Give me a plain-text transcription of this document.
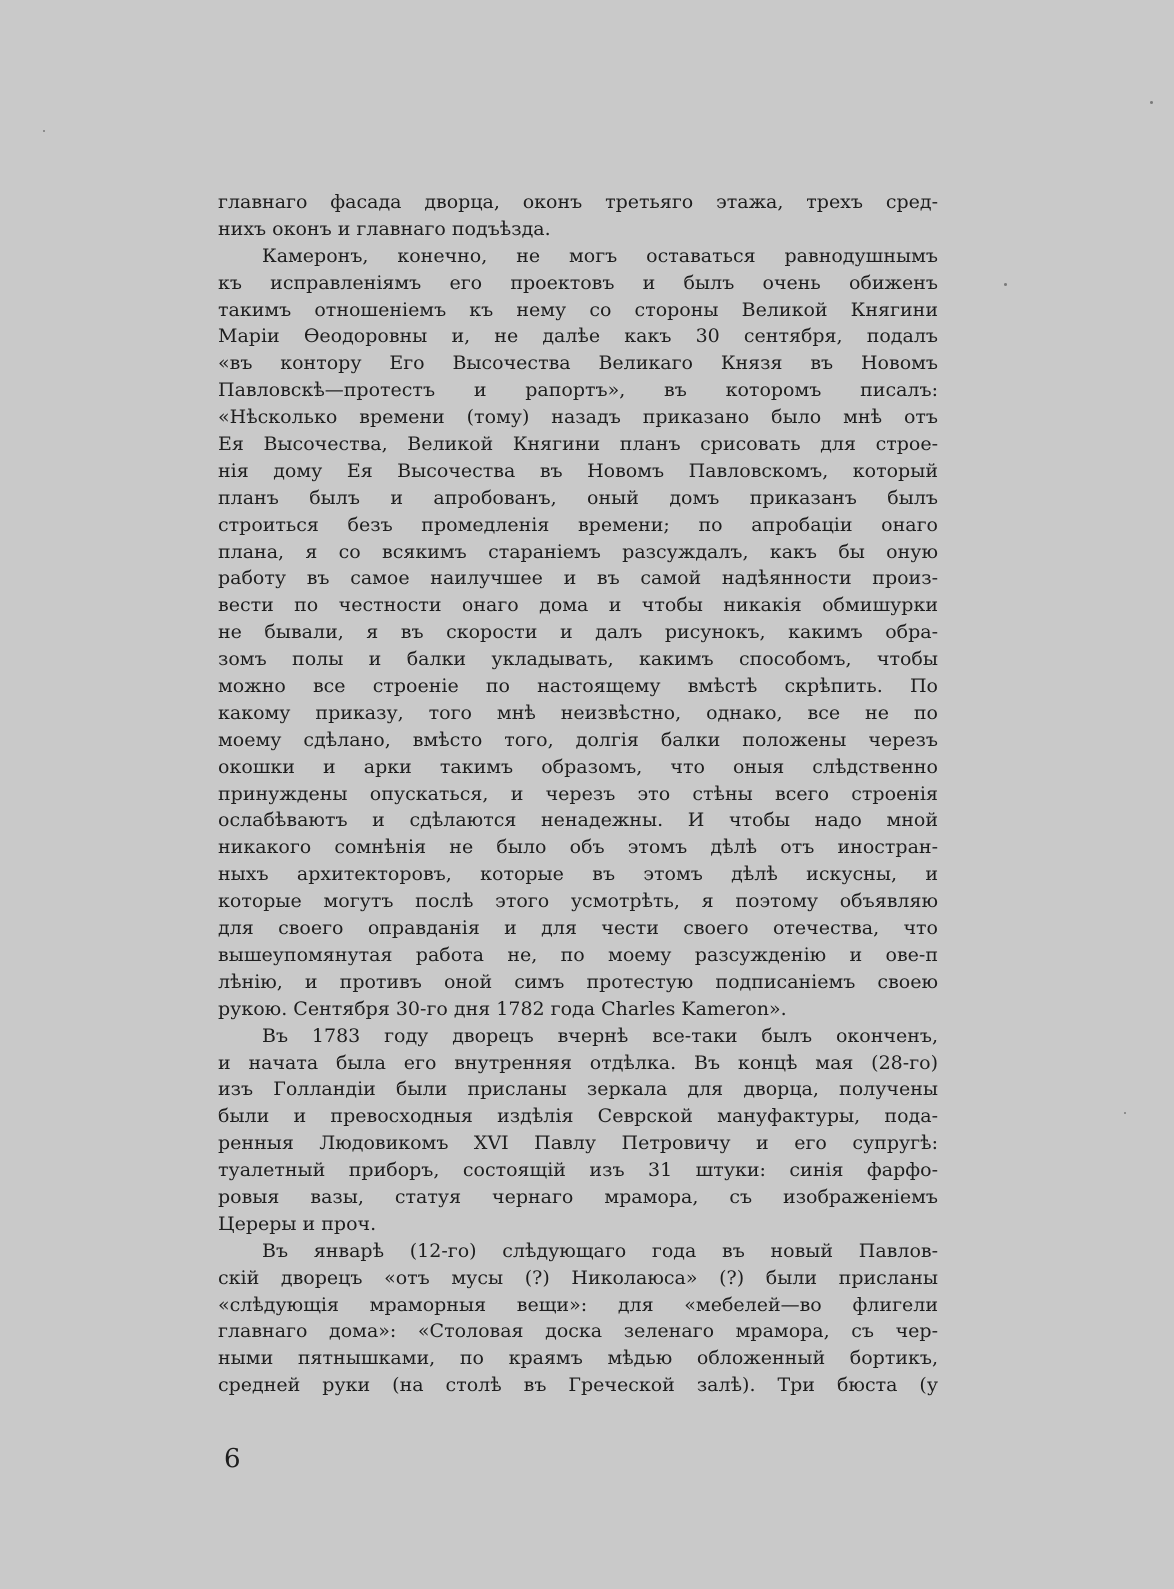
главнаго фасада дворца, оконъ третьяго этажа, трехъ сред-
нихъ оконъ и главнаго подъѣзда.
Камеронъ, конечно, не могъ оставаться равнодушнымъ
къ исправленіямъ его проектовъ и былъ очень обиженъ
такимъ отношеніемъ къ нему со стороны Великой Княгини
Маріи Ѳеодоровны и, не далѣе какъ 30 сентября, подалъ
«въ контору Его Высочества Великаго Князя въ Новомъ
Павловскѣ—протестъ и рапортъ», въ которомъ писалъ:
«Нѣсколько времени (тому) назадъ приказано было мнѣ отъ
Ея Высочества, Великой Княгини планъ срисовать для строе-
нія дому Ея Высочества въ Новомъ Павловскомъ, который
планъ былъ и апробованъ, оный домъ приказанъ былъ
строиться безъ промедленія времени; по апробаціи онаго
плана, я со всякимъ стараніемъ разсуждалъ, какъ бы оную
работу въ самое наилучшее и въ самой надѣянности произ-
вести по честности онаго дома и чтобы никакія обмишурки
не бывали, я въ скорости и далъ рисунокъ, какимъ обра-
зомъ полы и балки укладывать, какимъ способомъ, чтобы
можно все строеніе по настоящему вмѣстѣ скрѣпить. По
какому приказу, того мнѣ неизвѣстно, однако, все не по
моему сдѣлано, вмѣсто того, долгія балки положены черезъ
окошки и арки такимъ образомъ, что оныя слѣдственно
принуждены опускаться, и черезъ это стѣны всего строенія
ослабѣваютъ и сдѣлаются ненадежны. И чтобы надо мной
никакого сомнѣнія не было объ этомъ дѣлѣ отъ иностран-
ныхъ архитекторовъ, которые въ этомъ дѣлѣ искусны, и
которые могутъ послѣ этого усмотрѣть, я поэтому объявляю
для своего оправданія и для чести своего отечества, что
вышеупомянутая работа не, по моему разсужденію и ове-п
лѣнію, и противъ оной симъ протестую подписаніемъ своею
рукою. Сентября 30-го дня 1782 года Charles Kameron».
Въ 1783 году дворецъ вчернѣ все-таки былъ оконченъ,
и начата была его внутренняя отдѣлка. Въ концѣ мая (28-го)
изъ Голландіи были присланы зеркала для дворца, получены
были и превосходныя издѣлія Севрской мануфактуры, пода-
ренныя Людовикомъ XVI Павлу Петровичу и его супругѣ:
туалетный приборъ, состоящій изъ 31 штуки: синія фарфо-
ровыя вазы, статуя чернаго мрамора, съ изображеніемъ
Цереры и проч.
Въ январѣ (12-го) слѣдующаго года въ новый Павлов-
скій дворецъ «отъ мусы (?) Николаюса» (?) были присланы
«слѣдующія мраморныя вещи»: для «мебелей—во флигели
главнаго дома»: «Столовая доска зеленаго мрамора, съ чер-
ными пятнышками, по краямъ мѣдью обложенный бортикъ,
средней руки (на столѣ въ Греческой залѣ). Три бюста (у
6
